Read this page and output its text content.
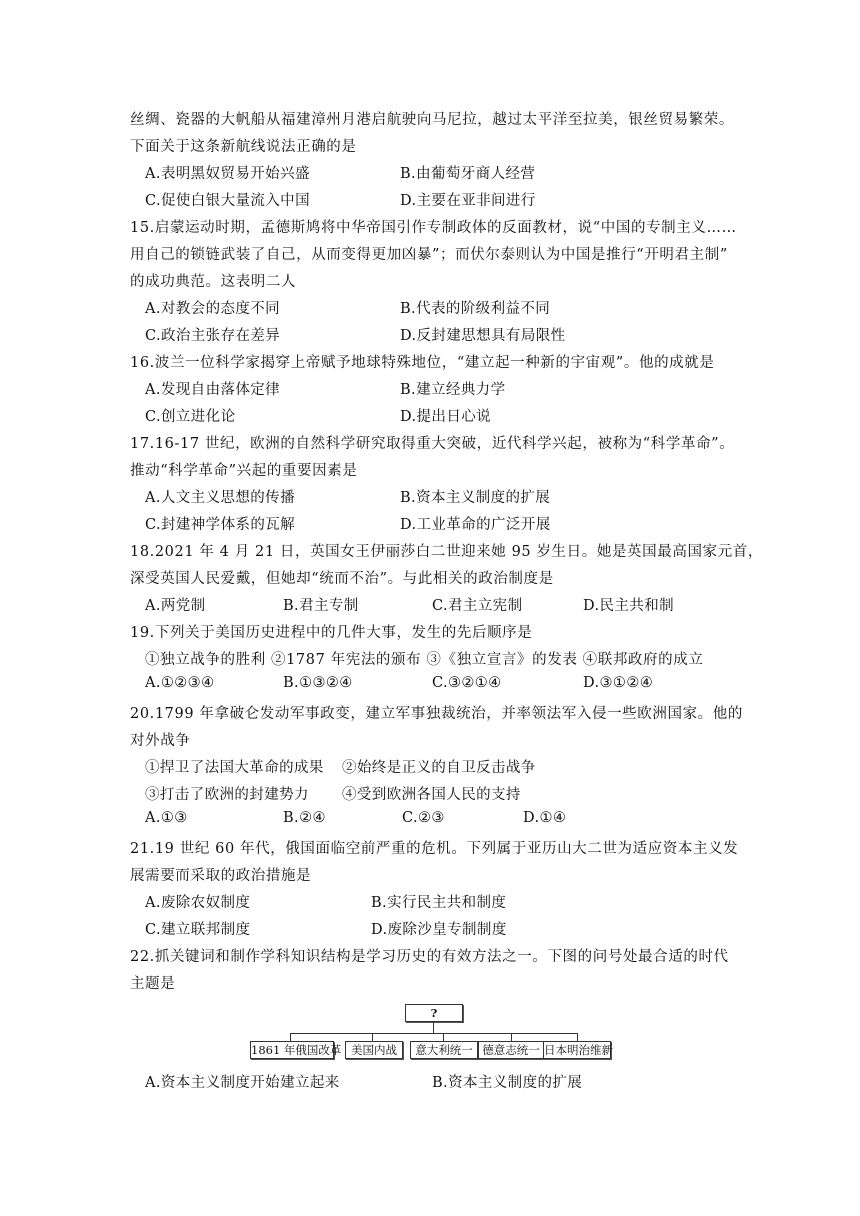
丝绸、瓷器的大帆船从福建漳州月港启航驶向马尼拉，越过太平洋至拉美，银丝贸易繁荣。
下面关于这条新航线说法正确的是
A.表明黑奴贸易开始兴盛	B.由葡萄牙商人经营
C.促使白银大量流入中国	D.主要在亚非间进行
15.启蒙运动时期，孟德斯鸠将中华帝国引作专制政体的反面教材，说“中国的专制主义……
用自己的锁链武装了自己，从而变得更加凶暴”；而伏尔泰则认为中国是推行“开明君主制”
的成功典范。这表明二人
A.对教会的态度不同	B.代表的阶级利益不同
C.政治主张存在差异	D.反封建思想具有局限性
16.波兰一位科学家揭穿上帝赋予地球特殊地位，“建立起一种新的宇宙观”。他的成就是
A.发现自由落体定律	B.建立经典力学
C.创立进化论	D.提出日心说
17.16-17 世纪，欧洲的自然科学研究取得重大突破，近代科学兴起，被称为“科学革命”。
推动“科学革命”兴起的重要因素是
A.人文主义思想的传播	B.资本主义制度的扩展
C.封建神学体系的瓦解	D.工业革命的广泛开展
18.2021 年 4 月 21 日，英国女王伊丽莎白二世迎来她 95 岁生日。她是英国最高国家元首，
深受英国人民爱戴，但她却“统而不治”。与此相关的政治制度是
A.两党制	B.君主专制	C.君主立宪制	D.民主共和制
19.下列关于美国历史进程中的几件大事，发生的先后顺序是
①独立战争的胜利 ②1787 年宪法的颁布 ③《独立宣言》的发表 ④联邦政府的成立
A.①②③④	B.①③②④	C.③②①④	D.③①②④
20.1799 年拿破仑发动军事政变，建立军事独裁统治，并率领法军入侵一些欧洲国家。他的
对外战争
①捍卫了法国大革命的成果 ②始终是正义的自卫反击战争
③打击了欧洲的封建势力 ④受到欧洲各国人民的支持
A.①③	B.②④	C.②③	D.①④
21.19 世纪 60 年代，俄国面临空前严重的危机。下列属于亚历山大二世为适应资本主义发
展需要而采取的政治措施是
A.废除农奴制度	B.实行民主共和制度
C.建立联邦制度	D.废除沙皇专制制度
22.抓关键词和制作学科知识结构是学习历史的有效方法之一。下图的问号处最合适的时代
主题是
?
1861 年俄国改革 美国内战	意大利统一 德意志统一 日本明治维新
A.资本主义制度开始建立起来	B.资本主义制度的扩展
